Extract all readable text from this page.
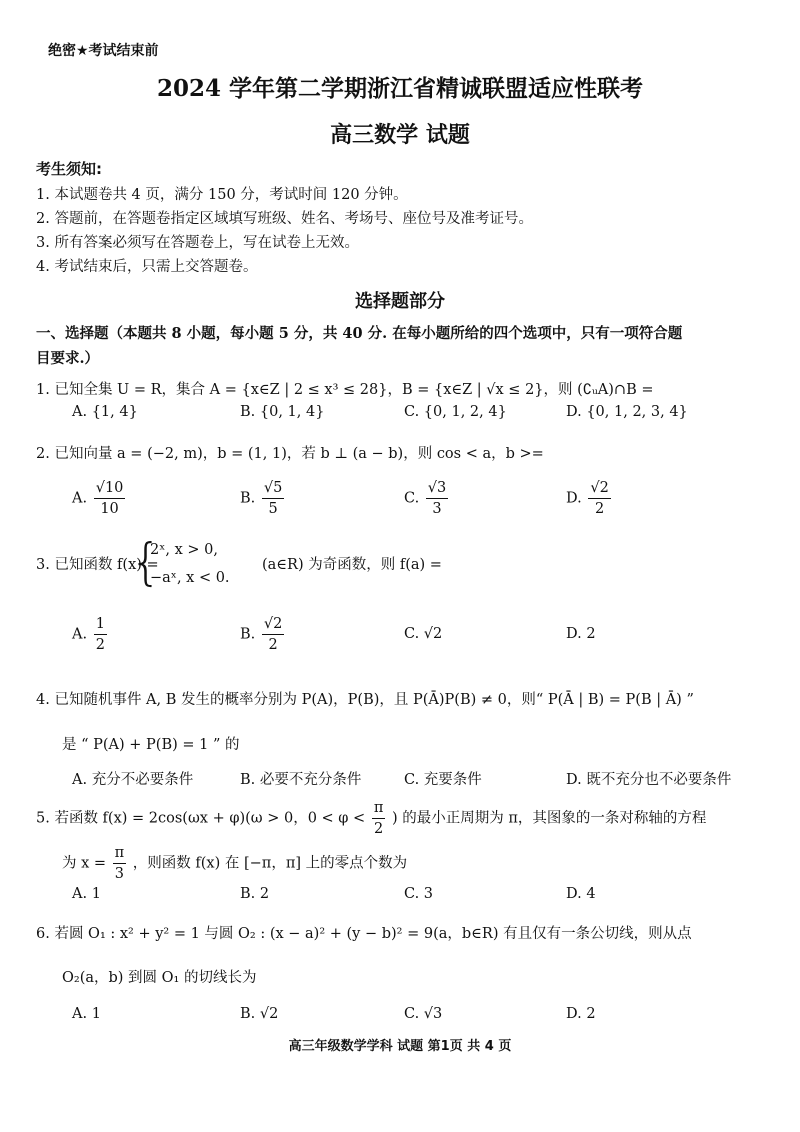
绝密★考试结束前
2024 学年第二学期浙江省精诚联盟适应性联考
高三数学 试题
考生须知:
1. 本试题卷共 4 页，满分 150 分，考试时间 120 分钟。
2. 答题前，在答题卷指定区域填写班级、姓名、考场号、座位号及准考证号。
3. 所有答案必须写在答题卷上，写在试卷上无效。
4. 考试结束后，只需上交答题卷。
选择题部分
一、选择题（本题共 8 小题，每小题 5 分，共 40 分. 在每小题所给的四个选项中，只有一项符合题
目要求.）
1. 已知全集 U = R，集合 A = {x∈Z | 2 ≤ x³ ≤ 28}，B = {x∈Z | √x ≤ 2}，则 (∁ᵤA)∩B =
A. {1, 4}	B. {0, 1, 4}	C. {0, 1, 2, 4}	D. {0, 1, 2, 3, 4}
2. 已知向量 a = (−2, m)，b = (1, 1)，若 b ⊥ (a − b)，则 cos < a，b >=
A. $\frac{√10}{10}$	B. $\frac{√5}{5}$	C. $\frac{√3}{3}$	D. $\frac{√2}{2}$
3. 已知函数 f(x) =
{
2ˣ, x > 0,
−aˣ, x < 0.
(a∈R) 为奇函数，则 f(a) =
A. $\frac{1}{2}$	B. $\frac{√2}{2}$	C. √2	D. 2
4. 已知随机事件 A, B 发生的概率分别为 P(A)，P(B)，且 P(Ā)P(B) ≠ 0，则“ P(Ā | B) = P(B | Ā) ”
是 “ P(A) + P(B) = 1 ” 的
A. 充分不必要条件	B. 必要不充分条件	C. 充要条件	D. 既不充分也不必要条件
5. 若函数 f(x) = 2cos(ωx + φ)(ω > 0，$0 < \varphi < \frac{\pi}{2}$ ) 的最小正周期为 π，其图象的一条对称轴的方程
为 $x = \frac{\pi}{3}$ ，则函数 f(x) 在 [−π，π] 上的零点个数为
A. 1	B. 2	C. 3	D. 4
6. 若圆 O₁ : x² + y² = 1 与圆 O₂ : (x − a)² + (y − b)² = 9(a，b∈R) 有且仅有一条公切线，则从点
O₂(a，b) 到圆 O₁ 的切线长为
A. 1	B. √2	C. √3	D. 2
高三年级数学学科 试题 第1页 共 4 页
